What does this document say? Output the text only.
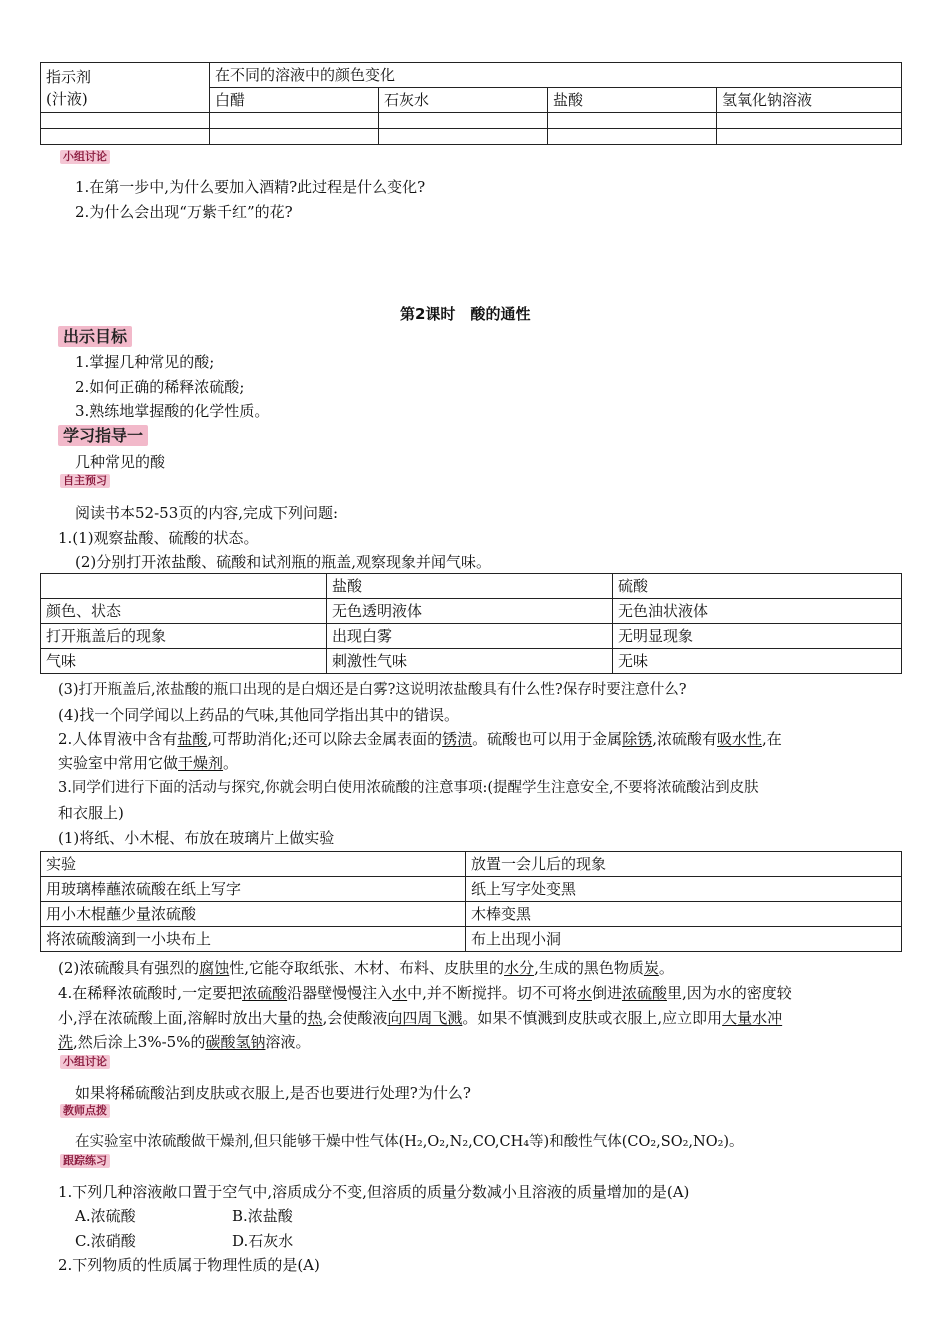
指示剂
(汁液)	在不同的溶液中的颜色变化			
	白醋	石灰水	盐酸	氢氧化钠溶液

小组讨论
1.在第一步中,为什么要加入酒精?此过程是什么变化?
2.为什么会出现“万紫千红”的花?
第2课时　酸的通性
出示目标
1.掌握几种常见的酸;
2.如何正确的稀释浓硫酸;
3.熟练地掌握酸的化学性质。
学习指导一
几种常见的酸
自主预习
阅读书本52-53页的内容,完成下列问题:
1.(1)观察盐酸、硫酸的状态。
(2)分别打开浓盐酸、硫酸和试剂瓶的瓶盖,观察现象并闻气味。
	盐酸	硫酸
颜色、状态	无色透明液体	无色油状液体
打开瓶盖后的现象	出现白雾	无明显现象
气味	刺激性气味	无味
(3)打开瓶盖后,浓盐酸的瓶口出现的是白烟还是白雾?这说明浓盐酸具有什么性?保存时要注意什么?
(4)找一个同学闻以上药品的气味,其他同学指出其中的错误。
2.人体胃液中含有盐酸,可帮助消化;还可以除去金属表面的锈渍。硫酸也可以用于金属除锈,浓硫酸有吸水性,在
实验室中常用它做干燥剂。
3.同学们进行下面的活动与探究,你就会明白使用浓硫酸的注意事项:(提醒学生注意安全,不要将浓硫酸沾到皮肤
和衣服上)
(1)将纸、小木棍、布放在玻璃片上做实验
实验	放置一会儿后的现象
用玻璃棒蘸浓硫酸在纸上写字	纸上写字处变黑
用小木棍蘸少量浓硫酸	木棒变黑
将浓硫酸滴到一小块布上	布上出现小洞
(2)浓硫酸具有强烈的腐蚀性,它能夺取纸张、木材、布料、皮肤里的水分,生成的黑色物质炭。
4.在稀释浓硫酸时,一定要把浓硫酸沿器壁慢慢注入水中,并不断搅拌。切不可将水倒进浓硫酸里,因为水的密度较
小,浮在浓硫酸上面,溶解时放出大量的热,会使酸液向四周飞溅。如果不慎溅到皮肤或衣服上,应立即用大量水冲
洗,然后涂上3%-5%的碳酸氢钠溶液。
小组讨论
如果将稀硫酸沾到皮肤或衣服上,是否也要进行处理?为什么?
教师点拨
在实验室中浓硫酸做干燥剂,但只能够干燥中性气体(H₂,O₂,N₂,CO,CH₄等)和酸性气体(CO₂,SO₂,NO₂)。
跟踪练习
1.下列几种溶液敞口置于空气中,溶质成分不变,但溶质的质量分数减小且溶液的质量增加的是(A)
A.浓硫酸	B.浓盐酸
C.浓硝酸	D.石灰水
2.下列物质的性质属于物理性质的是(A)
